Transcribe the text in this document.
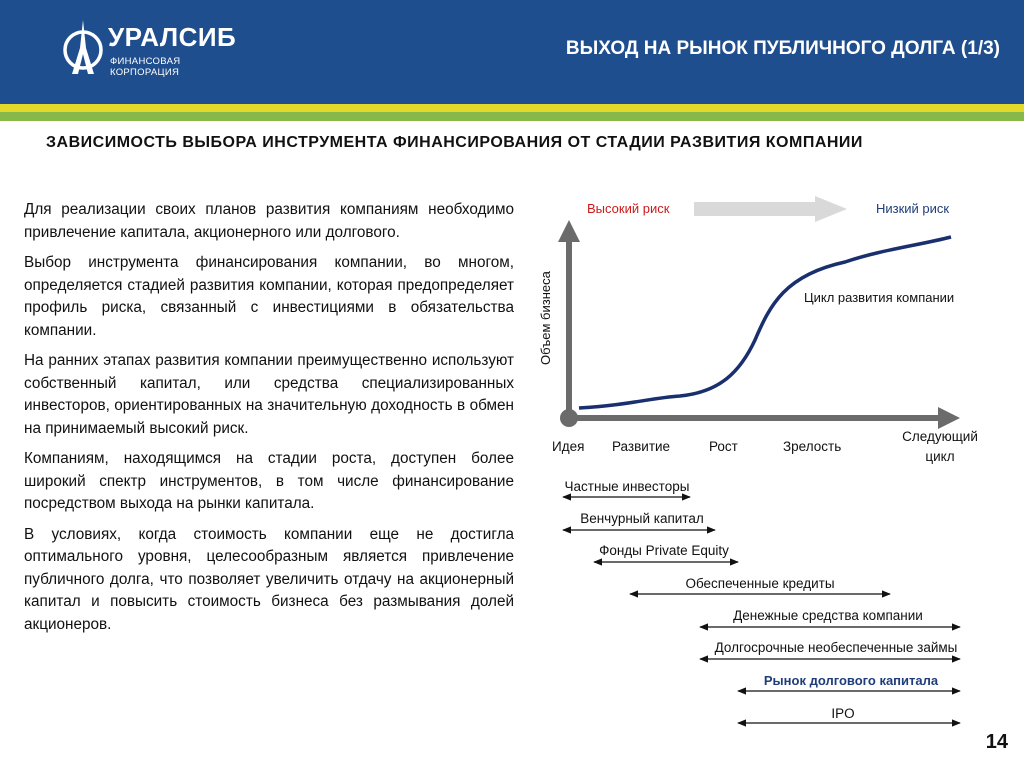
УРАЛСИБ
ФИНАНСОВАЯ КОРПОРАЦИЯ
ВЫХОД НА РЫНОК ПУБЛИЧНОГО ДОЛГА (1/3)
ЗАВИСИМОСТЬ ВЫБОРА ИНСТРУМЕНТА ФИНАНСИРОВАНИЯ ОТ СТАДИИ РАЗВИТИЯ КОМПАНИИ

Для реализации своих планов развития компаниям необходимо привлечение капитала, акционерного или долгового.

Выбор инструмента финансирования компании, во многом, определяется стадией развития компании, которая предопределяет профиль риска, связанный с инвестициями в обязательства компании.

На ранних этапах развития компании преимущественно используют собственный капитал, или средства специализированных инвесторов, ориентированных на значительную доходность в обмен на принимаемый высокий риск.

Компаниям, находящимся на стадии роста, доступен более широкий спектр инструментов, в том числе финансирование посредством выхода на рынки капитала.

В условиях, когда стоимость компании еще не достигла оптимального уровня, целесообразным является привлечение публичного долга, что позволяет увеличить отдачу на акционерный капитал и повысить стоимость бизнеса без размывания долей акционеров.

Высокий риск	Низкий риск
Объем бизнеса	Цикл развития компании
Идея Развитие	Рост	Зрелость
Следующий
цикл
Частные инвесторы
Венчурный капитал
Фонды Private Equity
Обеспеченные кредиты
Денежные средства компании
Долгосрочные необеспеченные займы
Рынок долгового капитала
IPO
14
